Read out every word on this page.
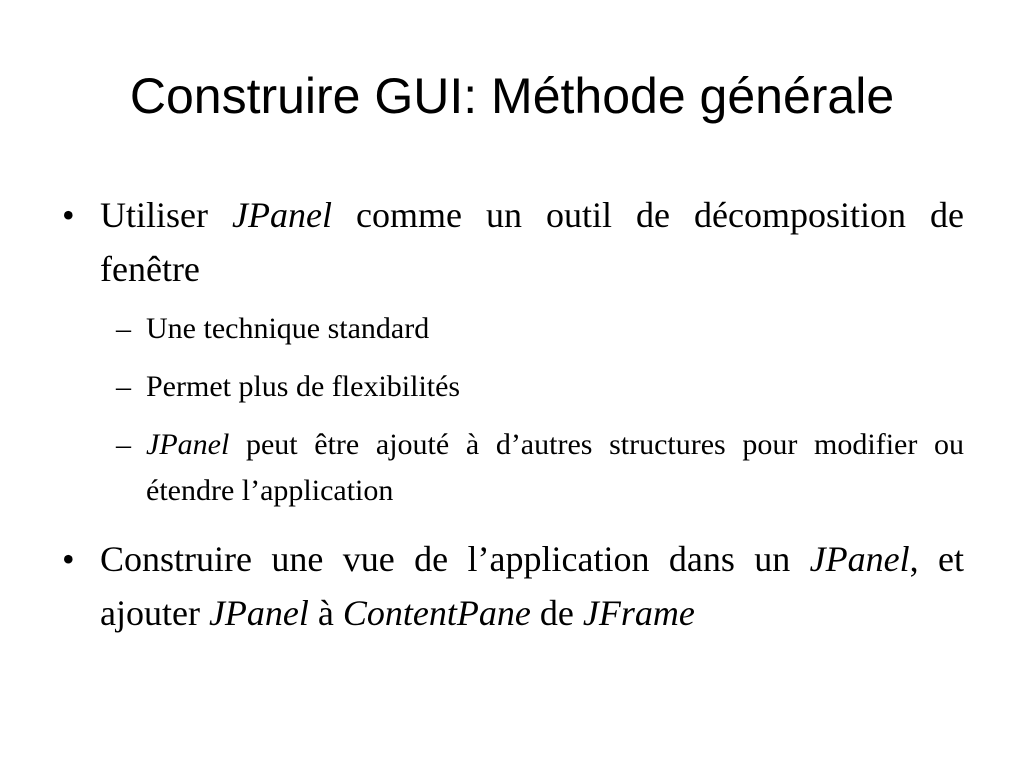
Construire GUI: Méthode générale
• Utiliser JPanel comme un outil de décomposition de fenêtre
– Une technique standard
– Permet plus de flexibilités
– JPanel peut être ajouté à d’autres structures pour modifier ou étendre l’application
• Construire une vue de l’application dans un JPanel, et ajouter JPanel à ContentPane de JFrame
